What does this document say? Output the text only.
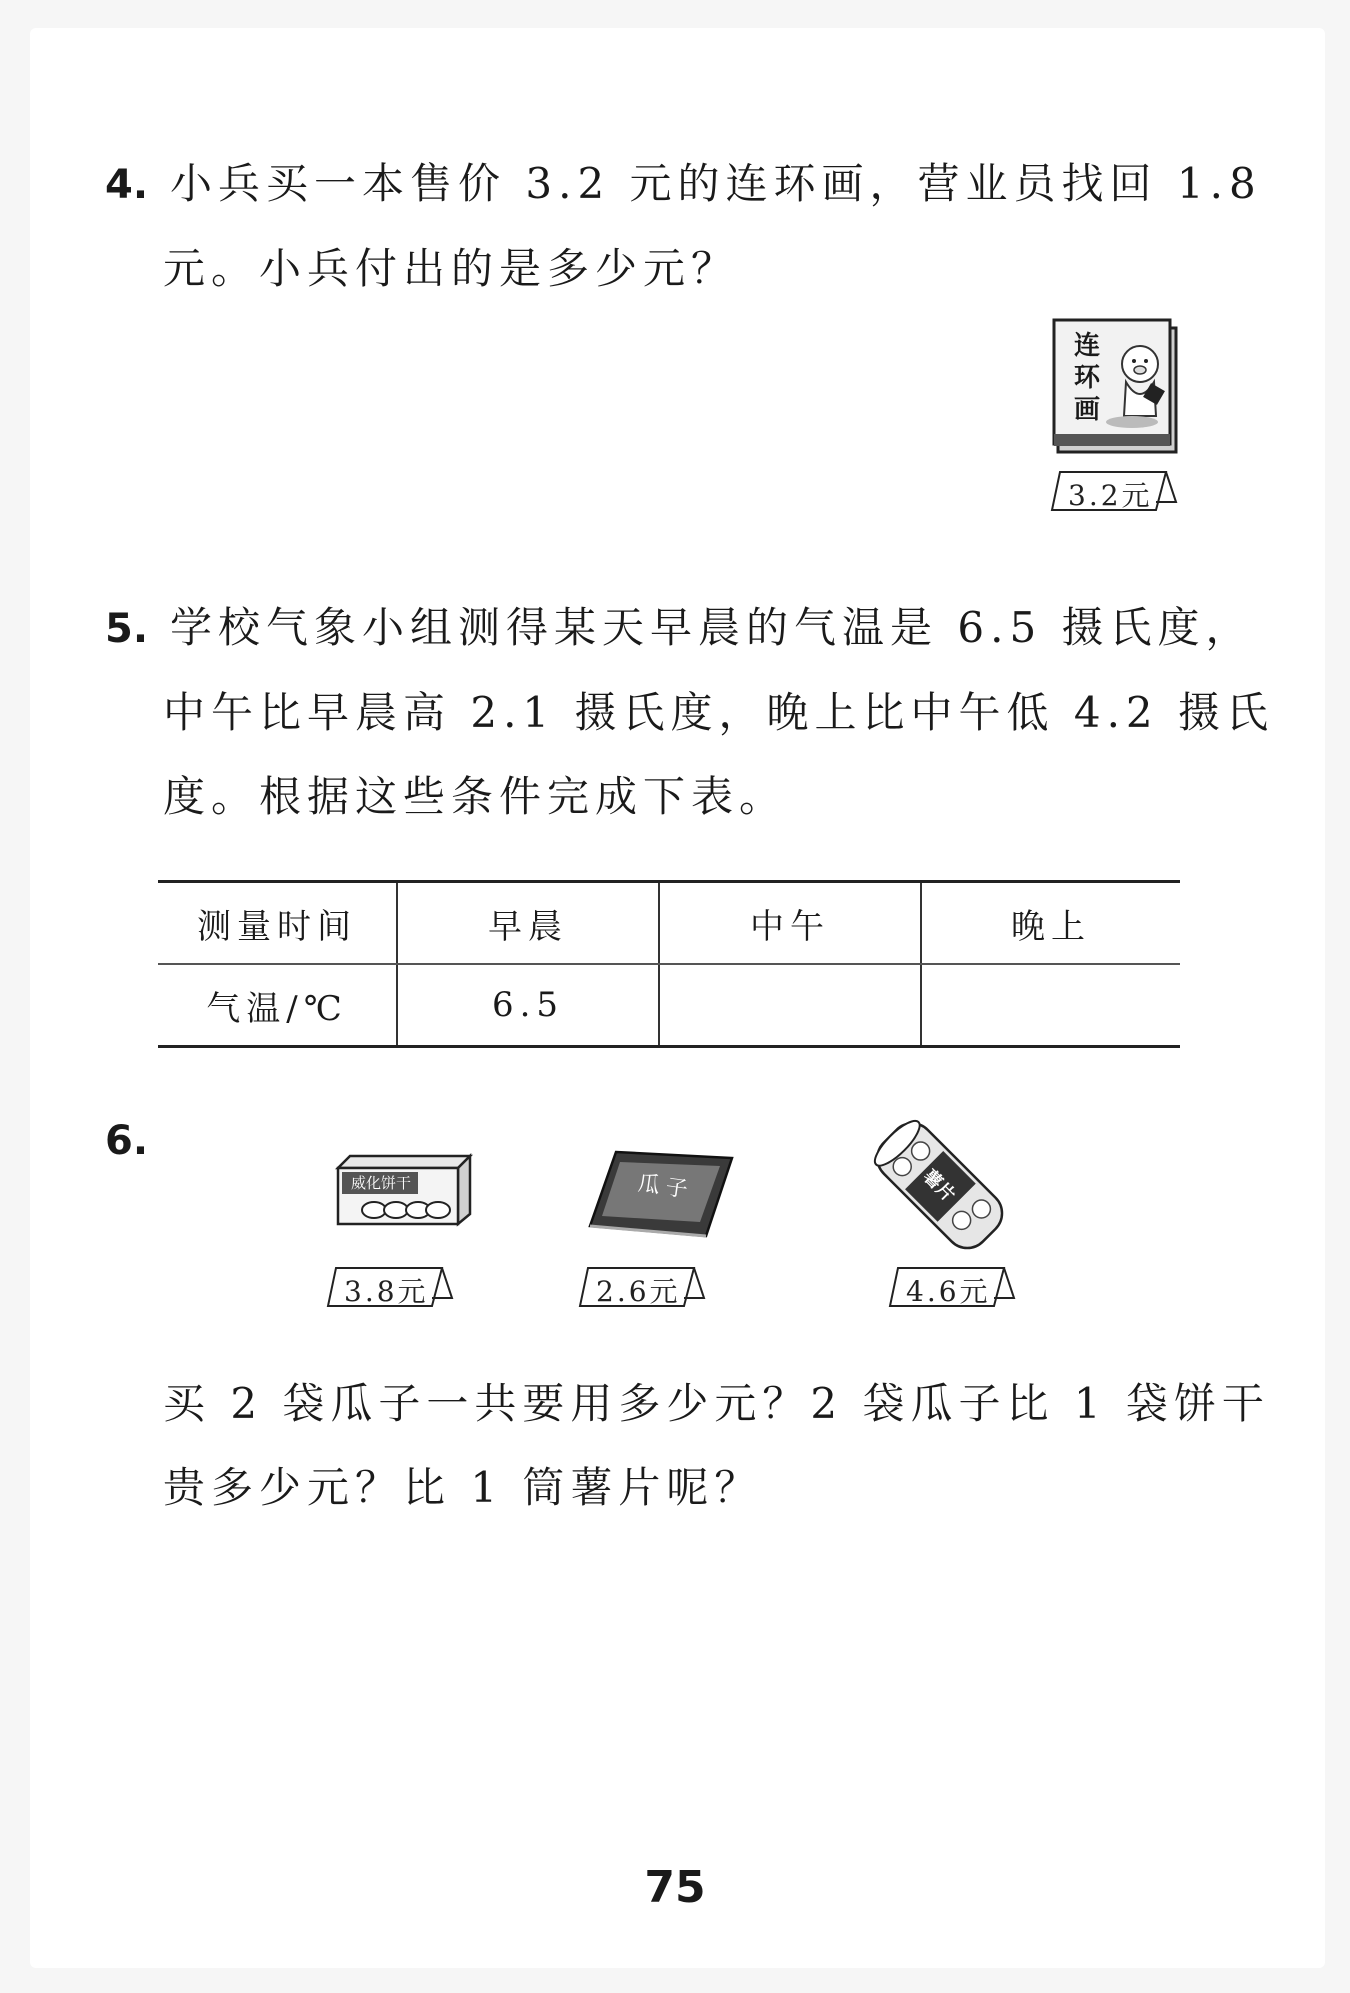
4. 小兵买一本售价 3.2 元的连环画，营业员找回 1.8
元。小兵付出的是多少元？
连
环
画
3.2元
5. 学校气象小组测得某天早晨的气温是 6.5 摄氏度，
中午比早晨高 2.1 摄氏度，晚上比中午低 4.2 摄氏
度。根据这些条件完成下表。
测量时间	早晨	中午	晚上
气温/℃	6.5		
6.
威化饼干
3.8元
瓜子
2.6元
薯片
4.6元
买 2 袋瓜子一共要用多少元？2 袋瓜子比 1 袋饼干
贵多少元？比 1 筒薯片呢？
75
